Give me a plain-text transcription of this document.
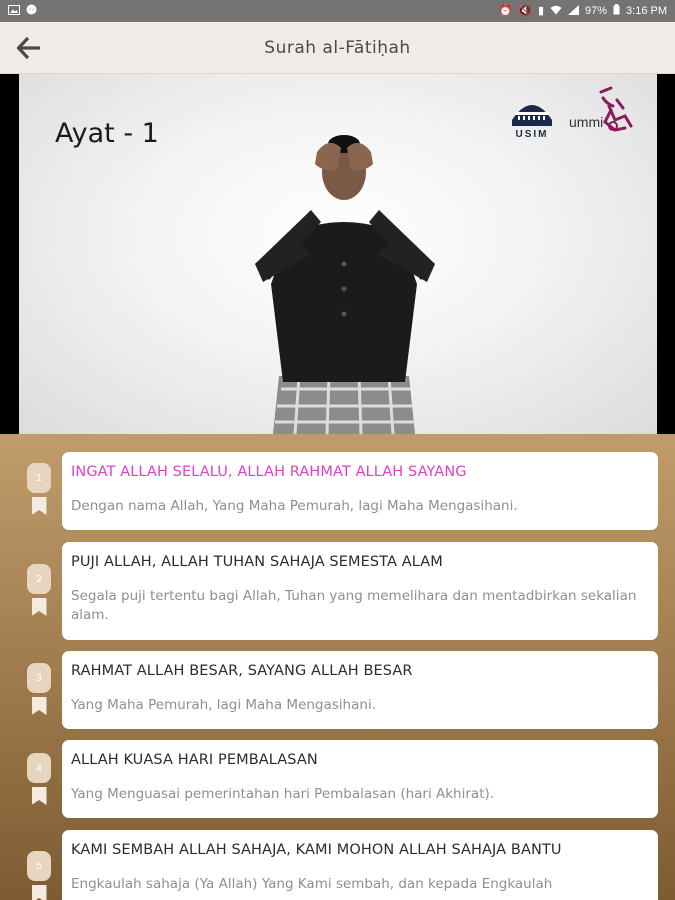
⏰ 🔇 ▮	97% 3:16 PM
Surah al-Fātiḥah
Ayat - 1	USIM
ummi
1	INGAT ALLAH SELALU, ALLAH RAHMAT ALLAH SAYANG
Dengan nama Allah, Yang Maha Pemurah, lagi Maha Mengasihani.
2
PUJI ALLAH, ALLAH TUHAN SAHAJA SEMESTA ALAM
Segala puji tertentu bagi Allah, Tuhan yang memelihara dan mentadbirkan sekalian alam.
3	RAHMAT ALLAH BESAR, SAYANG ALLAH BESAR
Yang Maha Pemurah, lagi Maha Mengasihani.
4	ALLAH KUASA HARI PEMBALASAN
Yang Menguasai pemerintahan hari Pembalasan (hari Akhirat).
5
KAMI SEMBAH ALLAH SAHAJA, KAMI MOHON ALLAH SAHAJA BANTU
Engkaulah sahaja (Ya Allah) Yang Kami sembah, dan kepada Engkaulah
